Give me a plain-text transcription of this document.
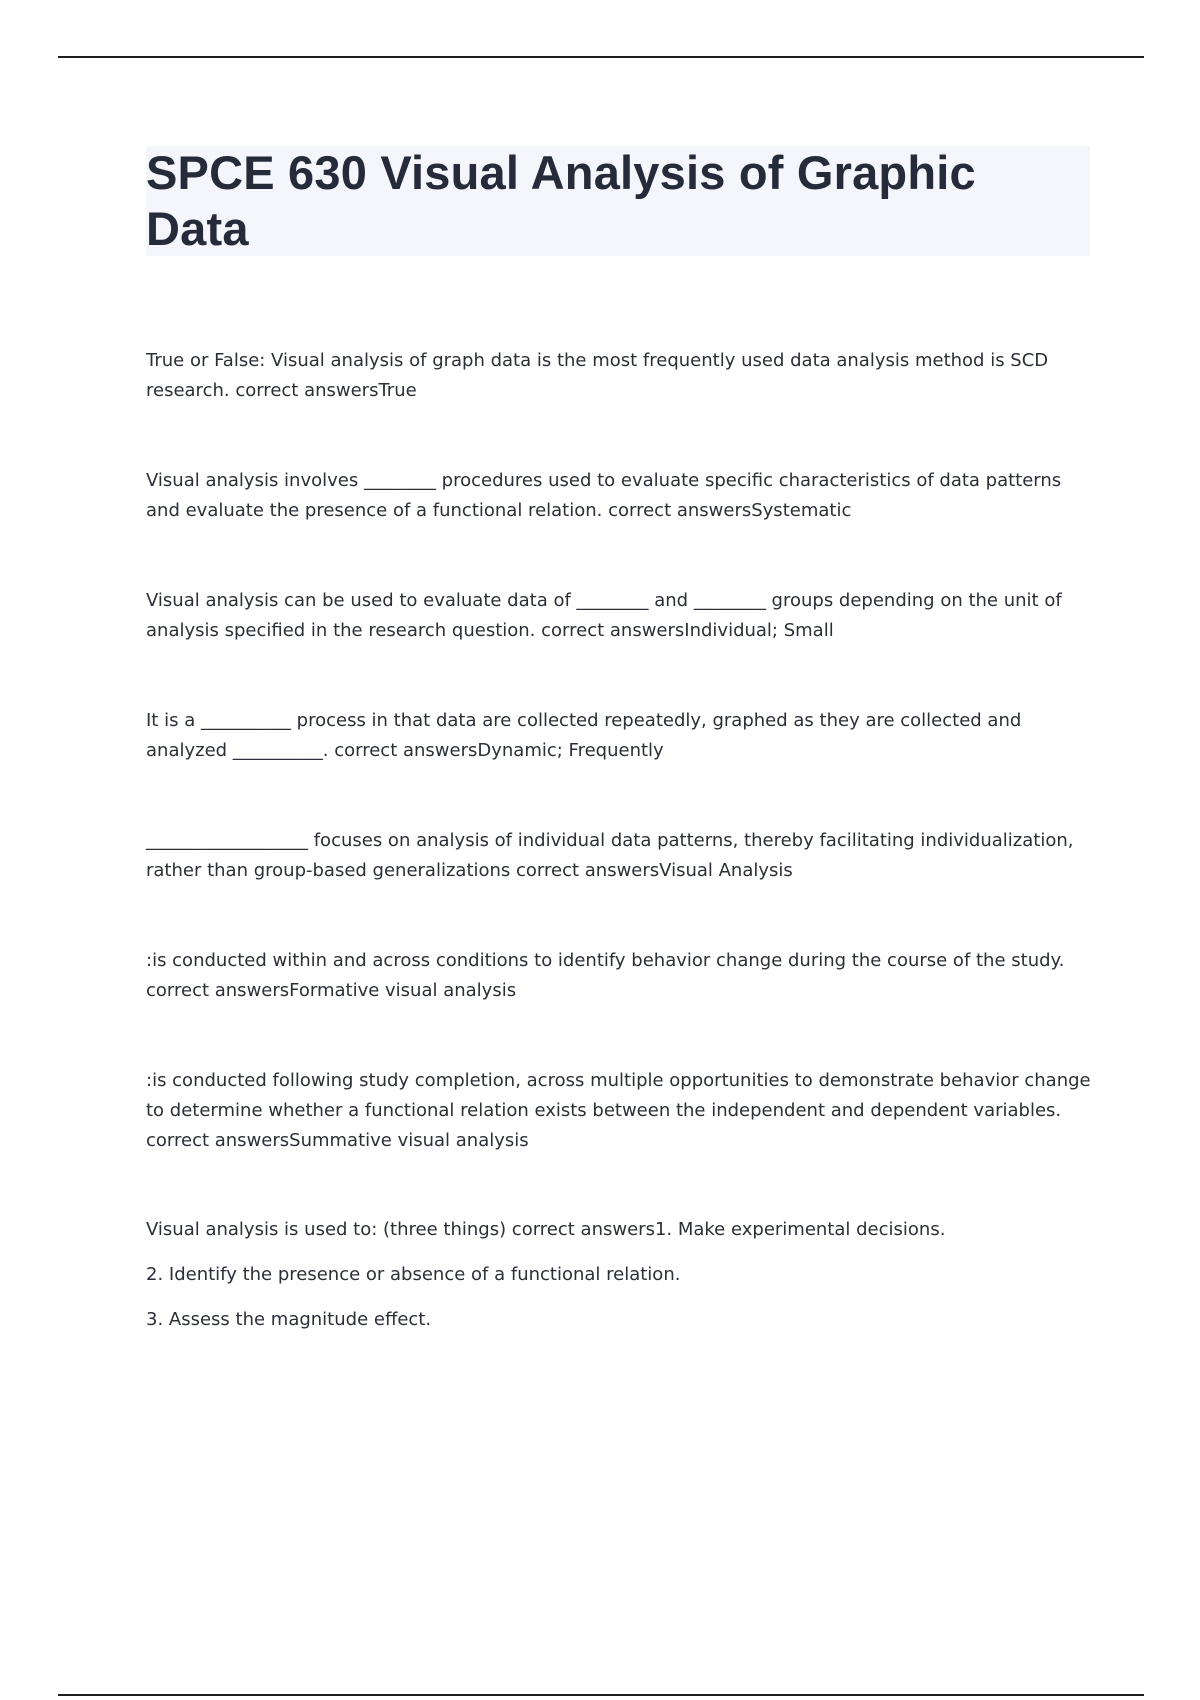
SPCE 630 Visual Analysis of Graphic Data

True or False: Visual analysis of graph data is the most frequently used data analysis method is SCD research. correct answersTrue

Visual analysis involves ________ procedures used to evaluate specific characteristics of data patterns and evaluate the presence of a functional relation. correct answersSystematic

Visual analysis can be used to evaluate data of ________ and ________ groups depending on the unit of analysis specified in the research question. correct answersIndividual; Small

It is a __________ process in that data are collected repeatedly, graphed as they are collected and analyzed __________. correct answersDynamic; Frequently

__________________ focuses on analysis of individual data patterns, thereby facilitating individualization, rather than group-based generalizations correct answersVisual Analysis

:is conducted within and across conditions to identify behavior change during the course of the study. correct answersFormative visual analysis

:is conducted following study completion, across multiple opportunities to demonstrate behavior change to determine whether a functional relation exists between the independent and dependent variables. correct answersSummative visual analysis

Visual analysis is used to: (three things) correct answers1. Make experimental decisions.

2. Identify the presence or absence of a functional relation.

3. Assess the magnitude effect.
